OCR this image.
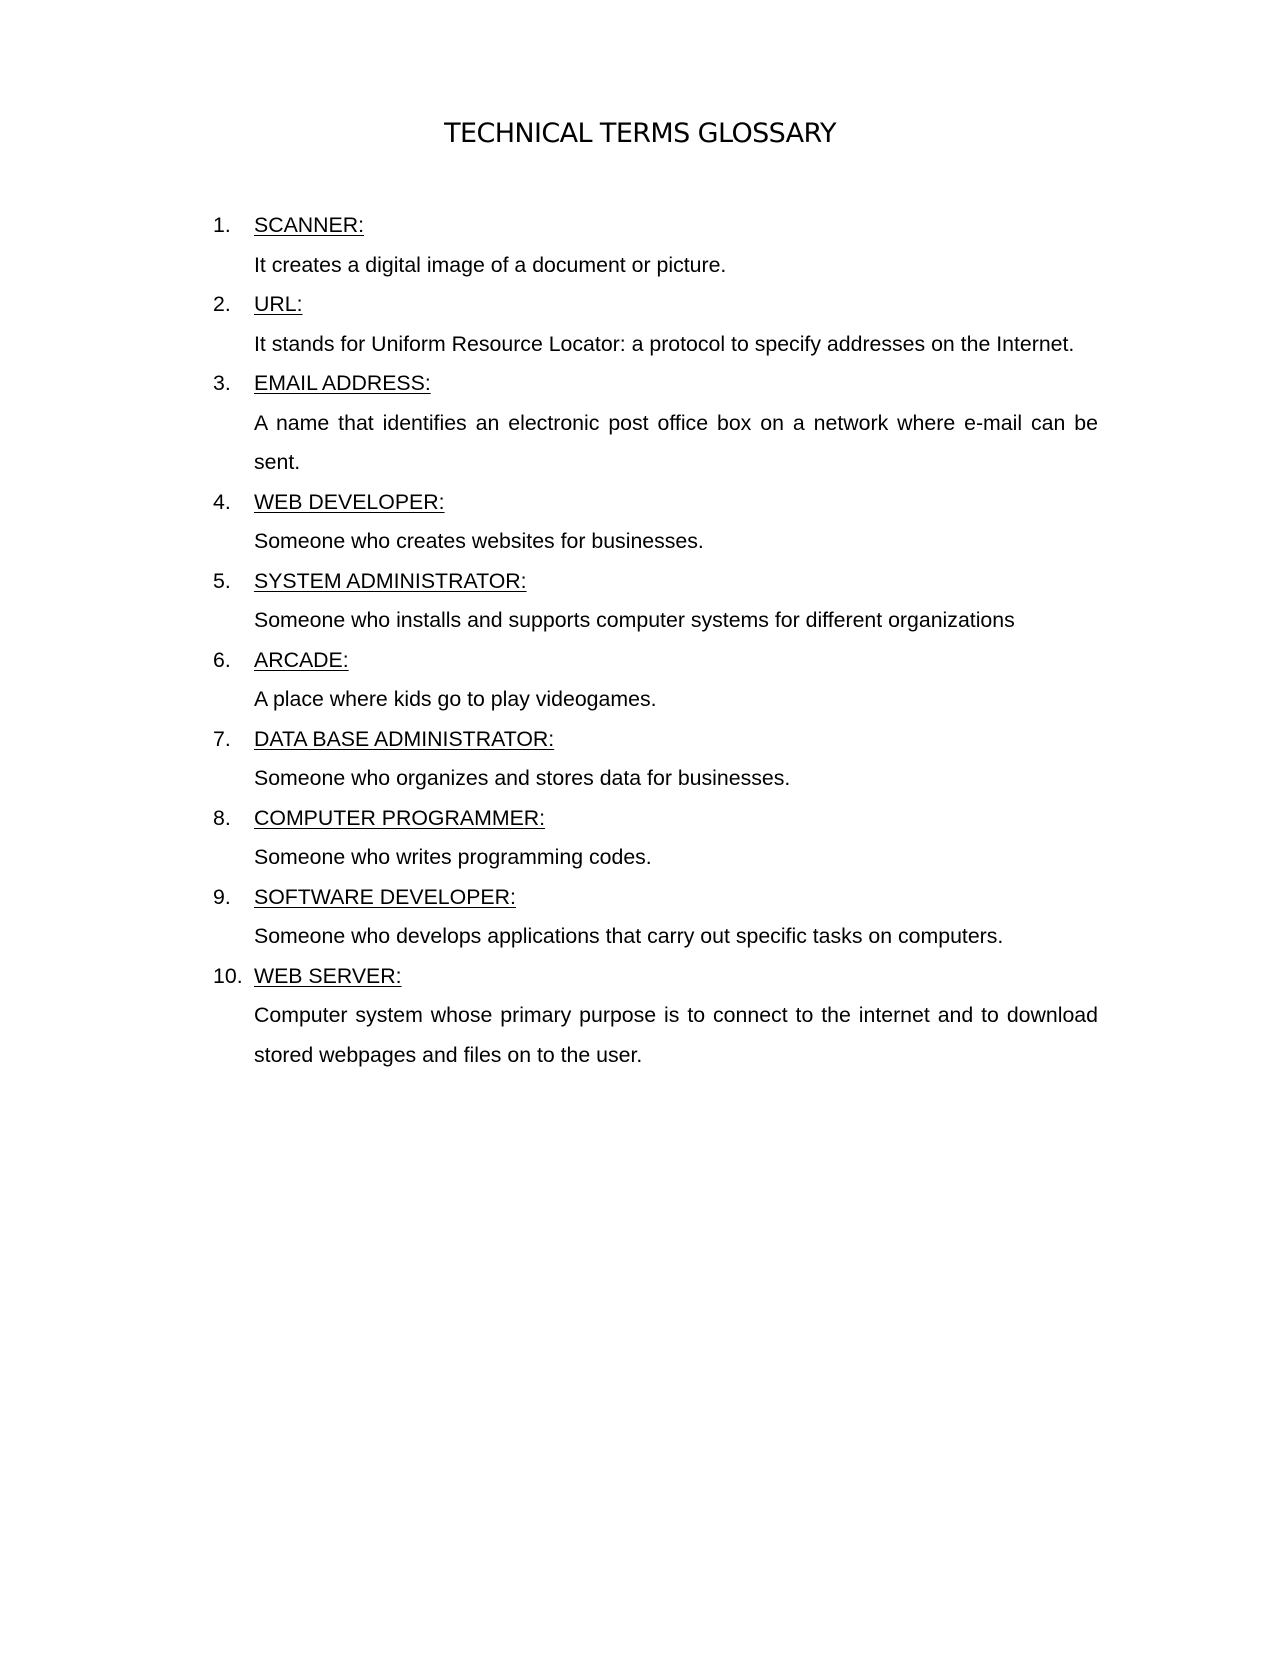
TECHNICAL TERMS GLOSSARY
1. SCANNER:
It creates a digital image of a document or picture.
2. URL:
It stands for Uniform Resource Locator: a protocol to specify addresses on the Internet.
3. EMAIL ADDRESS:
A name that identifies an electronic post office box on a network where e-mail can be sent.
4. WEB DEVELOPER:
Someone who creates websites for businesses.
5. SYSTEM ADMINISTRATOR:
Someone who installs and supports computer systems for different organizations
6. ARCADE:
A place where kids go to play videogames.
7. DATA BASE ADMINISTRATOR:
Someone who organizes and stores data for businesses.
8. COMPUTER PROGRAMMER:
Someone who writes programming codes.
9. SOFTWARE DEVELOPER:
Someone who develops applications that carry out specific tasks on computers.
10. WEB SERVER:
Computer system whose primary purpose is to connect to the internet and to download stored webpages and files on to the user.
